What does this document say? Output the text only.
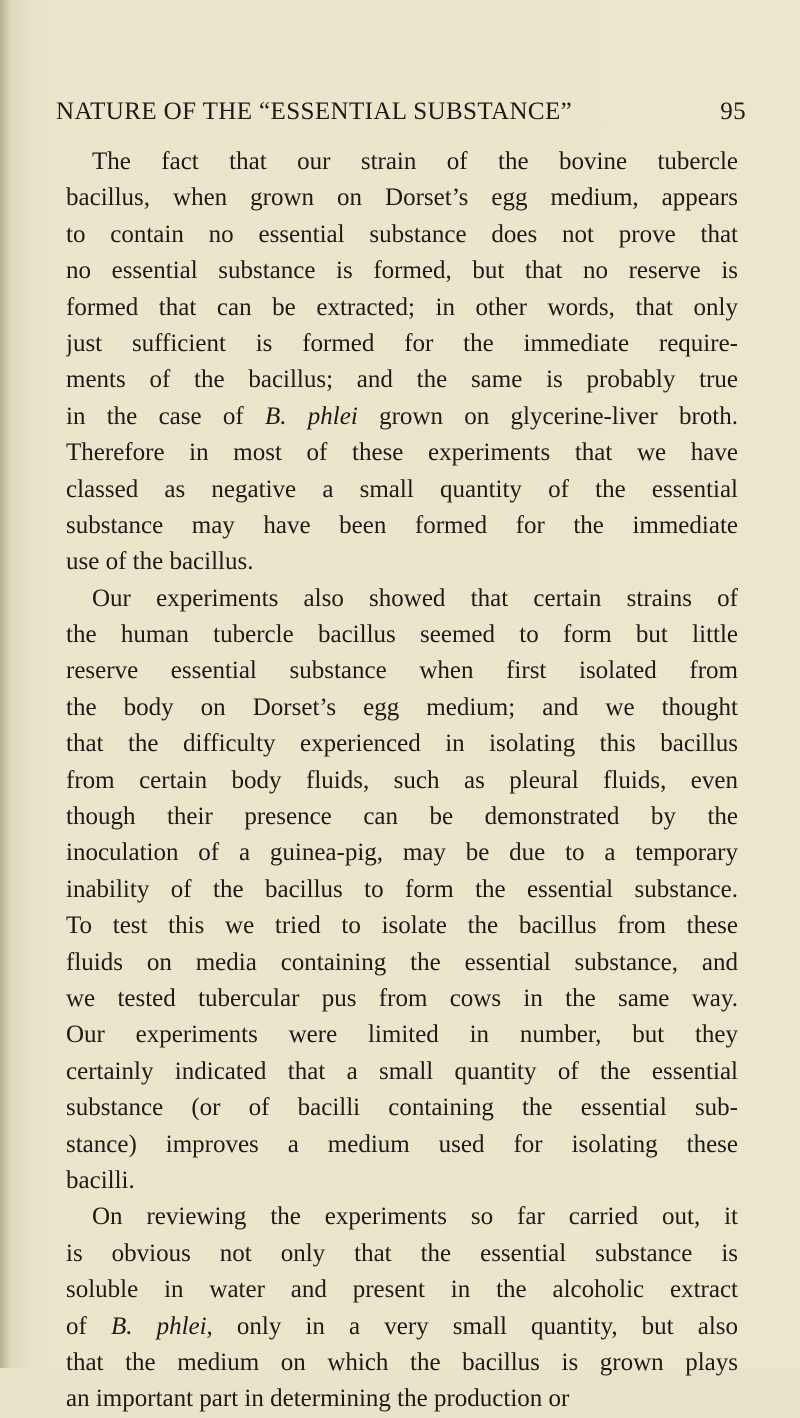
NATURE OF THE “ESSENTIAL SUBSTANCE”	95
The fact that our strain of the bovine tubercle
bacillus, when grown on Dorset’s egg medium, appears
to contain no essential substance does not prove that
no essential substance is formed, but that no reserve is
formed that can be extracted; in other words, that only
just sufficient is formed for the immediate require-
ments of the bacillus; and the same is probably true
in the case of B. phlei grown on glycerine-liver broth.
Therefore in most of these experiments that we have
classed as negative a small quantity of the essential
substance may have been formed for the immediate
use of the bacillus.
Our experiments also showed that certain strains of
the human tubercle bacillus seemed to form but little
reserve essential substance when first isolated from
the body on Dorset’s egg medium; and we thought
that the difficulty experienced in isolating this bacillus
from certain body fluids, such as pleural fluids, even
though their presence can be demonstrated by the
inoculation of a guinea-pig, may be due to a temporary
inability of the bacillus to form the essential substance.
To test this we tried to isolate the bacillus from these
fluids on media containing the essential substance, and
we tested tubercular pus from cows in the same way.
Our experiments were limited in number, but they
certainly indicated that a small quantity of the essential
substance (or of bacilli containing the essential sub-
stance) improves a medium used for isolating these
bacilli.
On reviewing the experiments so far carried out, it
is obvious not only that the essential substance is
soluble in water and present in the alcoholic extract
of B. phlei, only in a very small quantity, but also
that the medium on which the bacillus is grown plays
an important part in determining the production or
